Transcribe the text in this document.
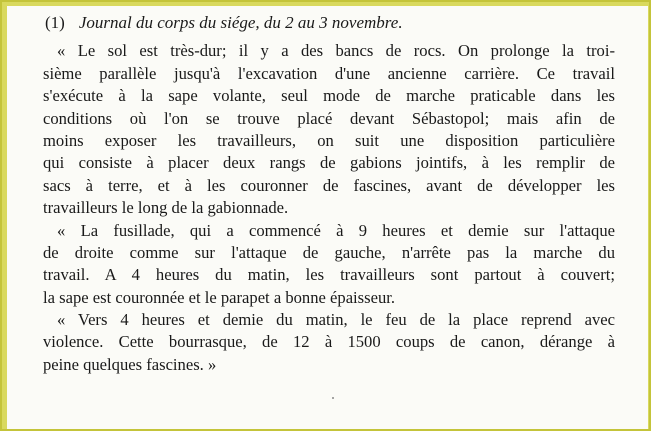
(1) Journal du corps du siége, du 2 au 3 novembre.
« Le sol est très-dur; il y a des bancs de rocs. On prolonge la troi-
sième parallèle jusqu'à l'excavation d'une ancienne carrière. Ce travail
s'exécute à la sape volante, seul mode de marche praticable dans les
conditions où l'on se trouve placé devant Sébastopol; mais afin de
moins exposer les travailleurs, on suit une disposition particulière
qui consiste à placer deux rangs de gabions jointifs, à les remplir de
sacs à terre, et à les couronner de fascines, avant de développer les
travailleurs le long de la gabionnade.
« La fusillade, qui a commencé à 9 heures et demie sur l'attaque
de droite comme sur l'attaque de gauche, n'arrête pas la marche du
travail. A 4 heures du matin, les travailleurs sont partout à couvert;
la sape est couronnée et le parapet a bonne épaisseur.
« Vers 4 heures et demie du matin, le feu de la place reprend avec
violence. Cette bourrasque, de 12 à 1500 coups de canon, dérange à
peine quelques fascines. »
